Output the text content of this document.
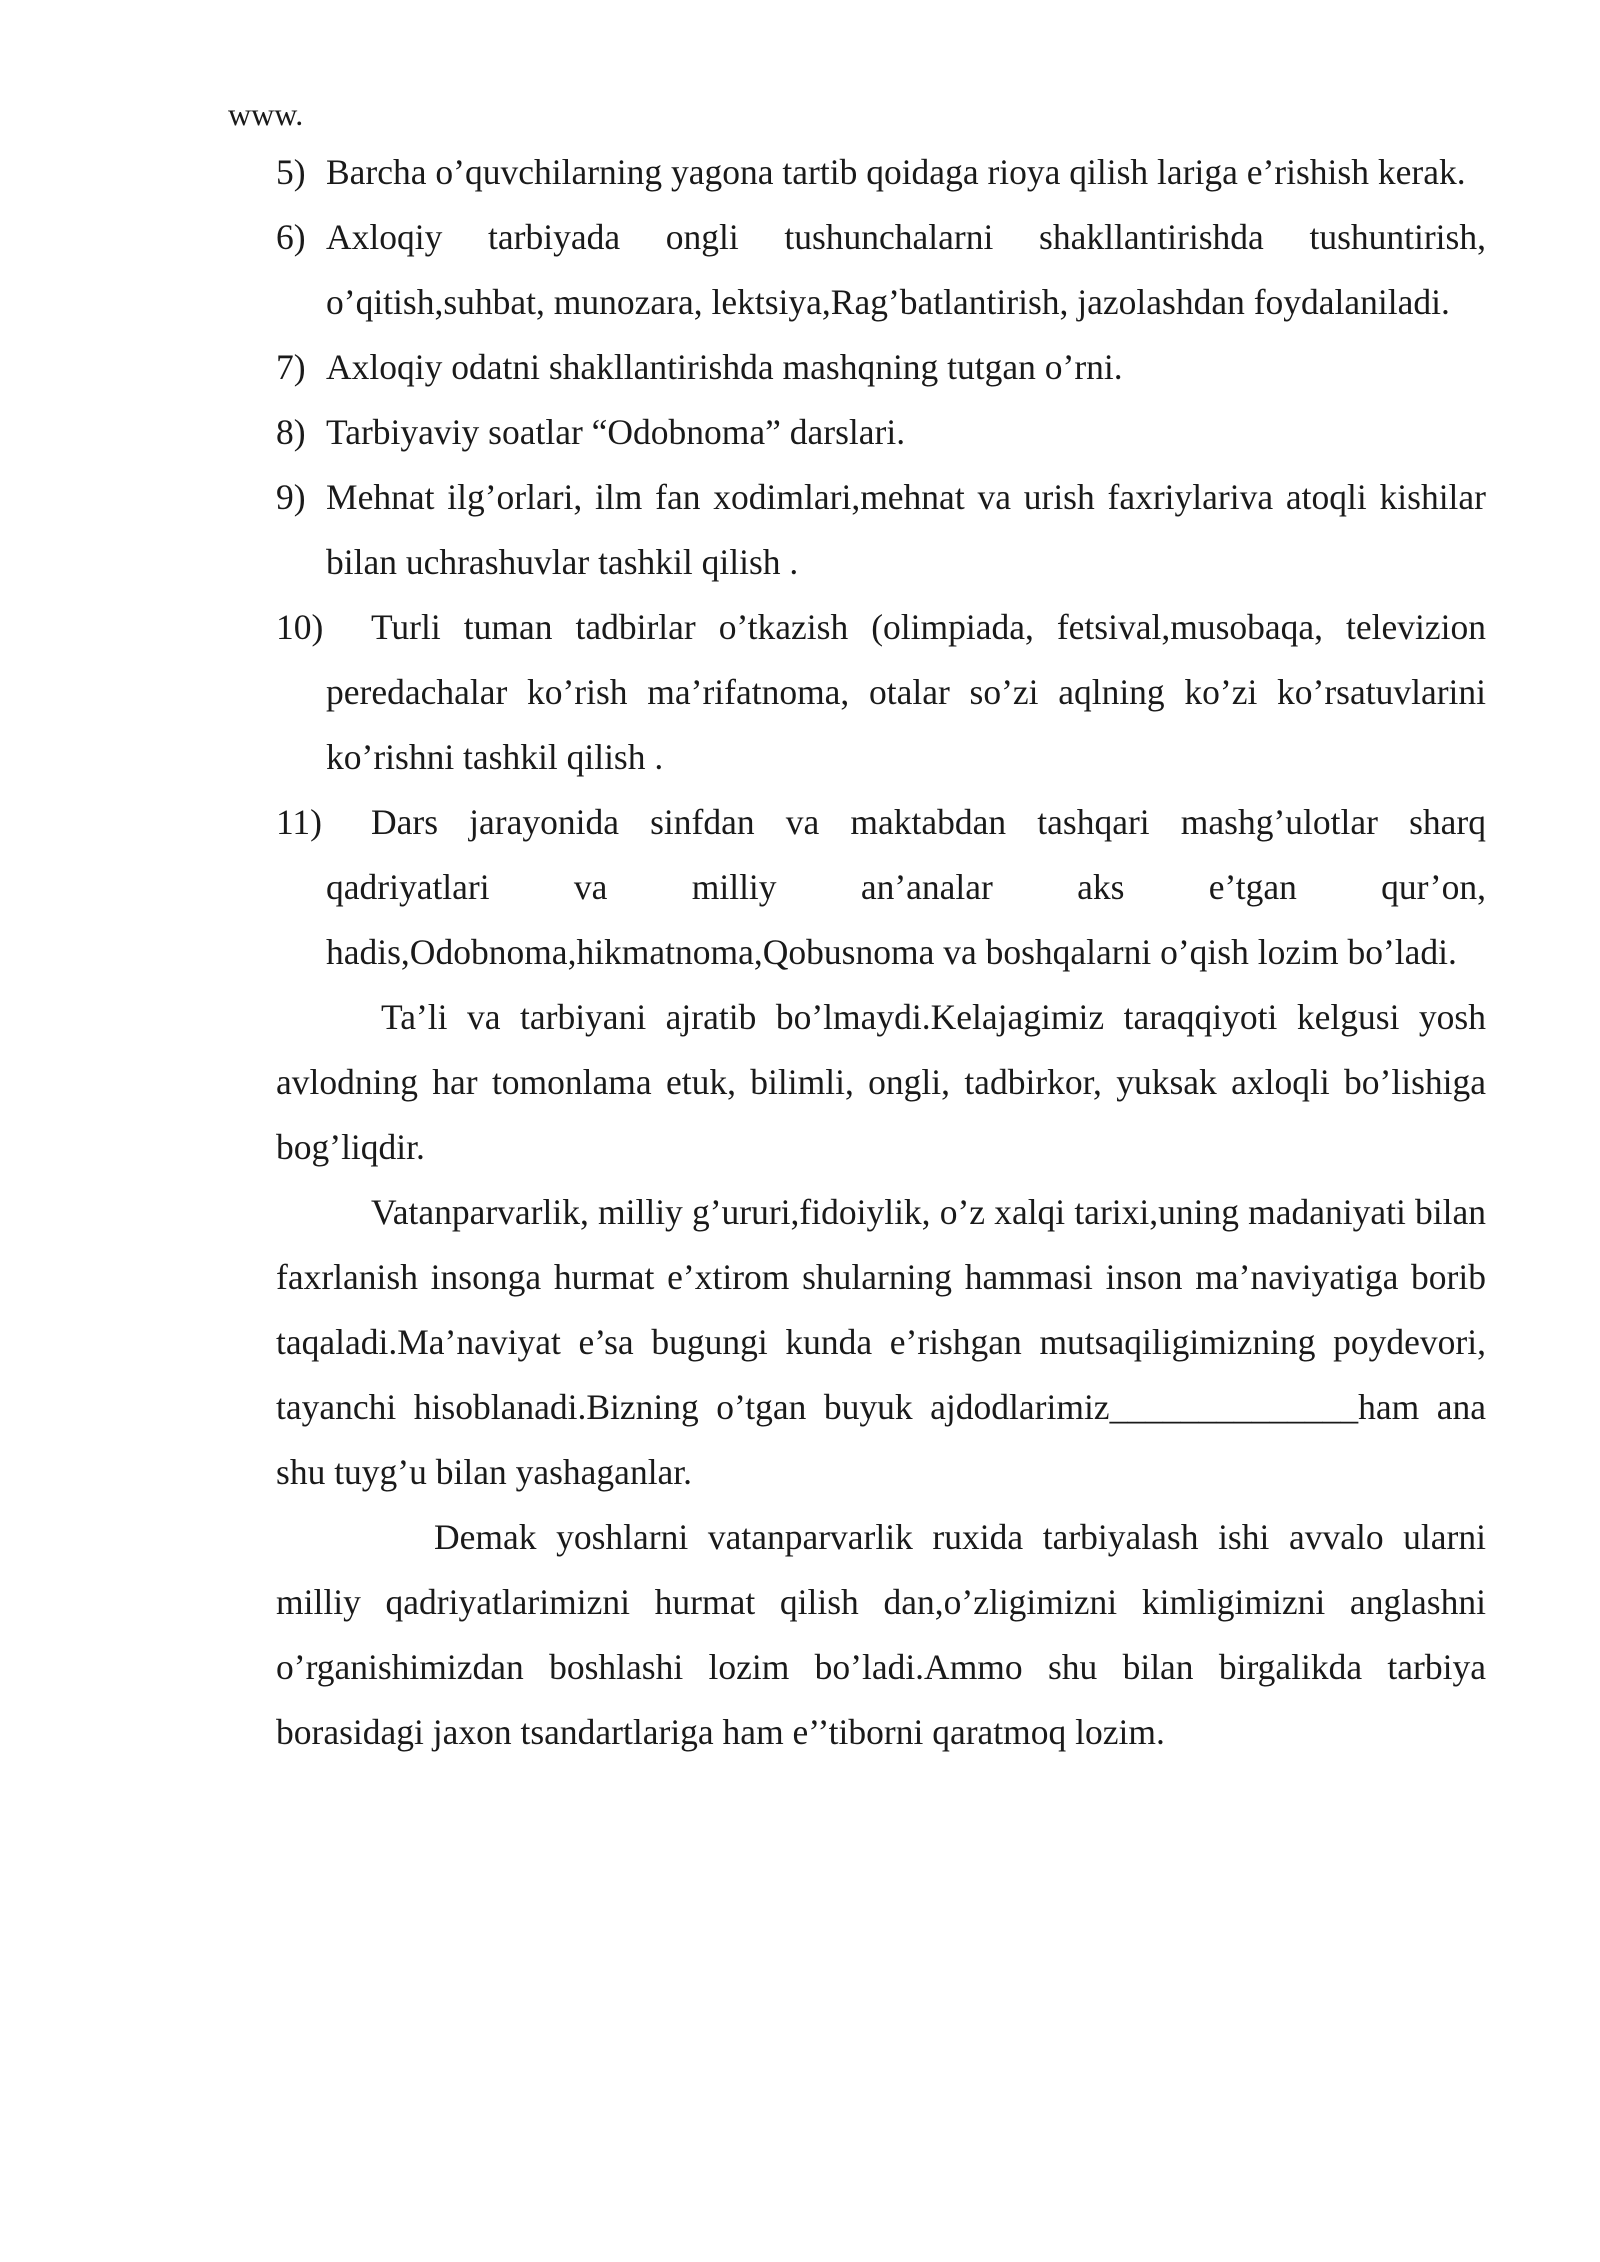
www.
5) Barcha o’quvchilarning yagona tartib qoidaga rioya qilish lariga e’rishish kerak.
6) Axloqiy tarbiyada ongli tushunchalarni shakllantirishda tushuntirish, o’qitish,suhbat, munozara, lektsiya,Rag’batlantirish, jazolashdan foydalaniladi.
7) Axloqiy odatni shakllantirishda mashqning tutgan o’rni.
8) Tarbiyaviy soatlar “Odobnoma” darslari.
9) Mehnat ilg’orlari, ilm fan xodimlari,mehnat va urish faxriylariva atoqli kishilar bilan uchrashuvlar tashkil qilish .
10)	Turli tuman tadbirlar o’tkazish (olimpiada, fetsival,musobaqa, televizion peredachalar ko’rish ma’rifatnoma, otalar so’zi aqlning ko’zi ko’rsatuvlarini ko’rishni tashkil qilish .
11)	Dars jarayonida sinfdan va maktabdan tashqari mashg’ulotlar sharq qadriyatlari va milliy an’analar aks e’tgan qur’on, hadis,Odobnoma,hikmatnoma,Qobusnoma va boshqalarni o’qish lozim bo’ladi.

Ta’li va tarbiyani ajratib bo’lmaydi.Kelajagimiz taraqqiyoti kelgusi yosh avlodning har tomonlama etuk, bilimli, ongli, tadbirkor, yuksak axloqli bo’lishiga bog’liqdir.

Vatanparvarlik, milliy g’ururi,fidoiylik, o’z xalqi tarixi,uning madaniyati bilan faxrlanish insonga hurmat e’xtirom shularning hammasi inson ma’naviyatiga borib taqaladi.Ma’naviyat e’sa bugungi kunda e’rishgan mutsaqiligimizning poydevori, tayanchi hisoblanadi.Bizning o’tgan buyuk ajdodlarimiz______________ham ana shu tuyg’u bilan yashaganlar.

Demak yoshlarni vatanparvarlik ruxida tarbiyalash ishi avvalo ularni milliy qadriyatlarimizni hurmat qilish dan,o’zligimizni kimligimizni anglashni o’rganishimizdan boshlashi lozim bo’ladi.Ammo shu bilan birgalikda tarbiya borasidagi jaxon tsandartlariga ham e’’tiborni qaratmoq lozim.
